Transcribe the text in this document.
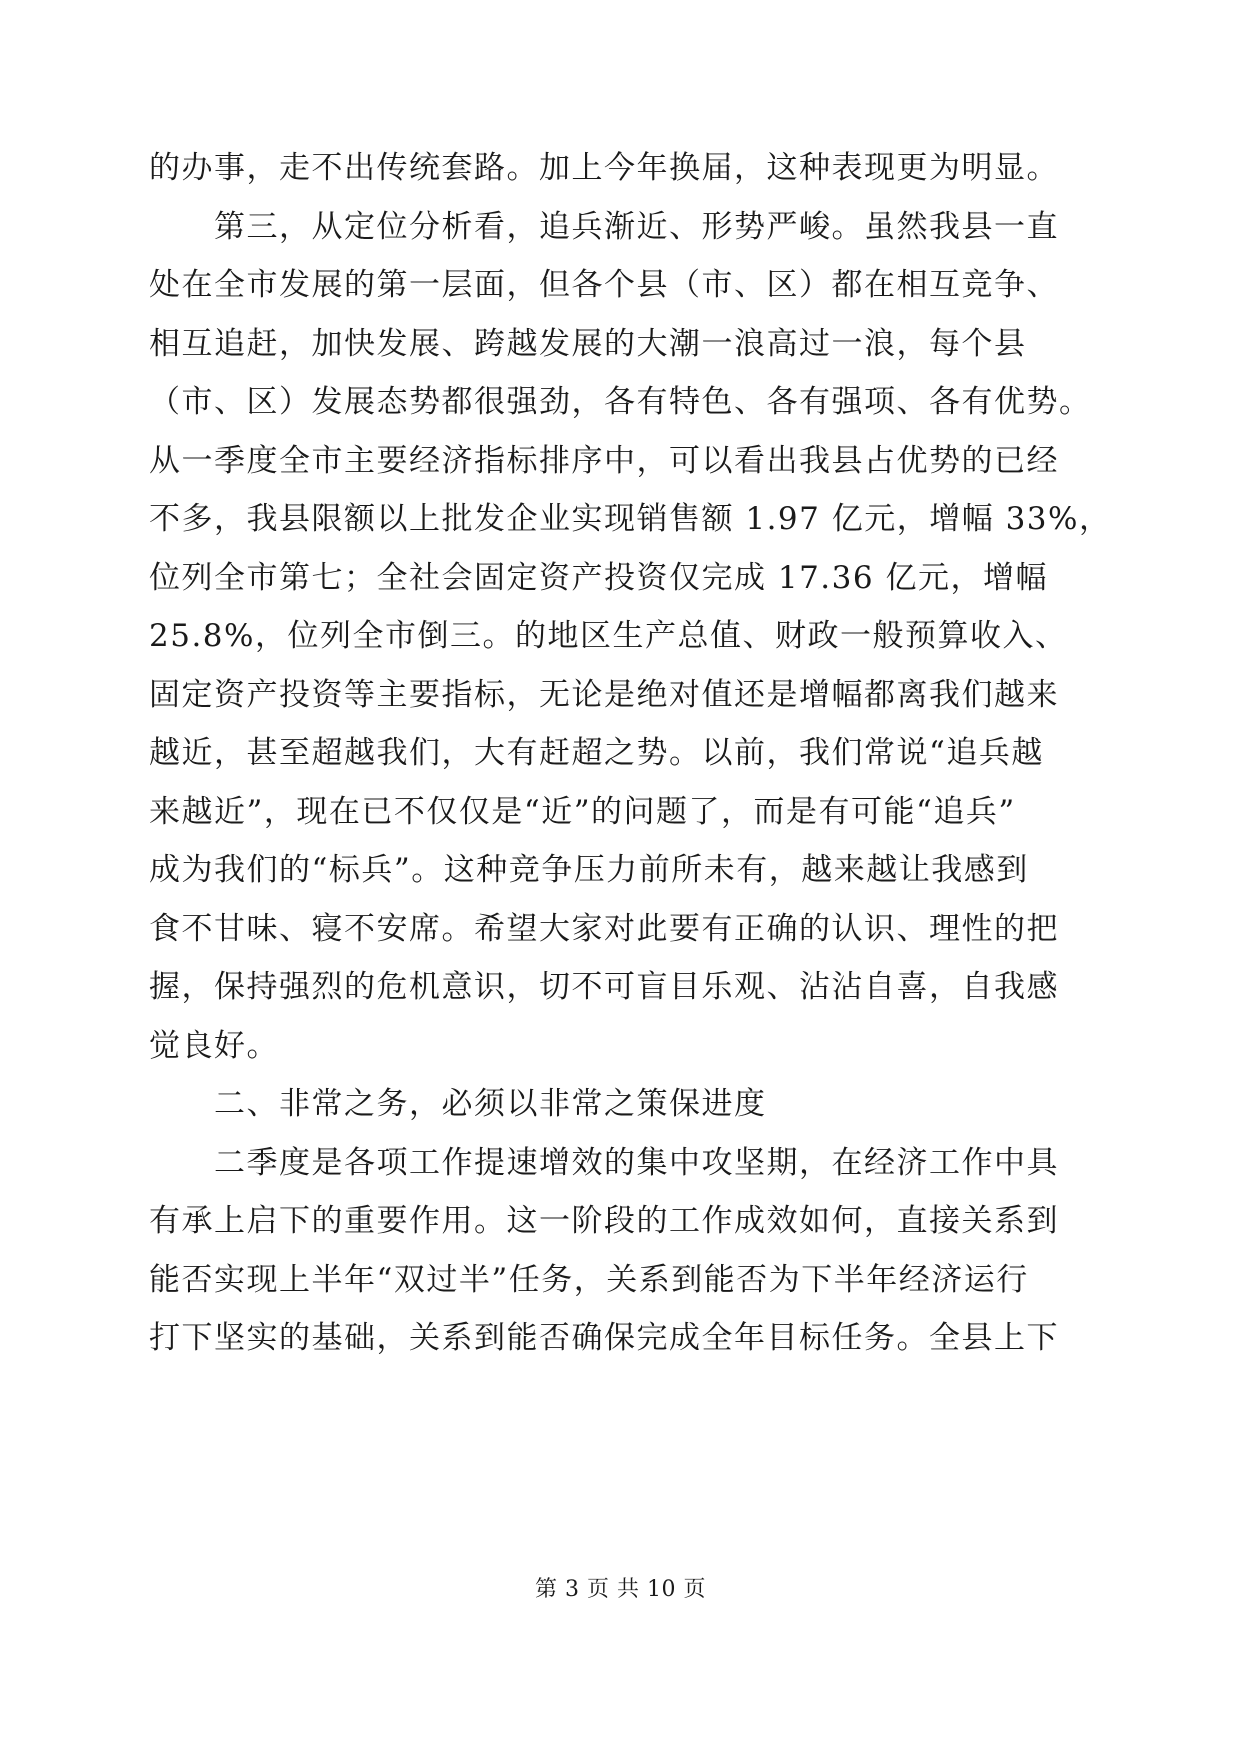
的办事，走不出传统套路。加上今年换届，这种表现更为明显。
　　第三，从定位分析看，追兵渐近、形势严峻。虽然我县一直
处在全市发展的第一层面，但各个县（市、区）都在相互竞争、
相互追赶，加快发展、跨越发展的大潮一浪高过一浪，每个县
（市、区）发展态势都很强劲，各有特色、各有强项、各有优势。
从一季度全市主要经济指标排序中，可以看出我县占优势的已经
不多，我县限额以上批发企业实现销售额 1.97 亿元，增幅 33%，
位列全市第七；全社会固定资产投资仅完成 17.36 亿元，增幅
25.8%，位列全市倒三。的地区生产总值、财政一般预算收入、
固定资产投资等主要指标，无论是绝对值还是增幅都离我们越来
越近，甚至超越我们，大有赶超之势。以前，我们常说“追兵越
来越近”，现在已不仅仅是“近”的问题了，而是有可能“追兵”
成为我们的“标兵”。这种竞争压力前所未有，越来越让我感到
食不甘味、寝不安席。希望大家对此要有正确的认识、理性的把
握，保持强烈的危机意识，切不可盲目乐观、沾沾自喜，自我感
觉良好。
　　二、非常之务，必须以非常之策保进度
　　二季度是各项工作提速增效的集中攻坚期，在经济工作中具
有承上启下的重要作用。这一阶段的工作成效如何，直接关系到
能否实现上半年“双过半”任务，关系到能否为下半年经济运行
打下坚实的基础，关系到能否确保完成全年目标任务。全县上下
第 3 页 共 10 页
